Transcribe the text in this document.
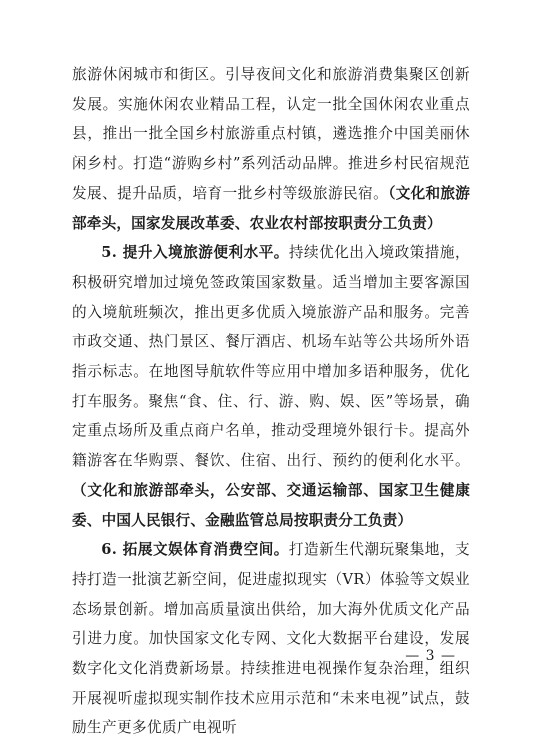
旅游休闲城市和街区。引导夜间文化和旅游消费集聚区创新发展。实施休闲农业精品工程，认定一批全国休闲农业重点县，推出一批全国乡村旅游重点村镇，遴选推介中国美丽休闲乡村。打造“游购乡村”系列活动品牌。推进乡村民宿规范发展、提升品质，培育一批乡村等级旅游民宿。（文化和旅游部牵头，国家发展改革委、农业农村部按职责分工负责）

5. 提升入境旅游便利水平。持续优化出入境政策措施，积极研究增加过境免签政策国家数量。适当增加主要客源国的入境航班频次，推出更多优质入境旅游产品和服务。完善市政交通、热门景区、餐厅酒店、机场车站等公共场所外语指示标志。在地图导航软件等应用中增加多语种服务，优化打车服务。聚焦“食、住、行、游、购、娱、医”等场景，确定重点场所及重点商户名单，推动受理境外银行卡。提高外籍游客在华购票、餐饮、住宿、出行、预约的便利化水平。（文化和旅游部牵头，公安部、交通运输部、国家卫生健康委、中国人民银行、金融监管总局按职责分工负责）

6. 拓展文娱体育消费空间。打造新生代潮玩聚集地，支持打造一批演艺新空间，促进虚拟现实（VR）体验等文娱业态场景创新。增加高质量演出供给，加大海外优质文化产品引进力度。加快国家文化专网、文化大数据平台建设，发展数字化文化消费新场景。持续推进电视操作复杂治理，组织开展视听虚拟现实制作技术应用示范和“未来电视”试点，鼓励生产更多优质广电视听

— 3 —
